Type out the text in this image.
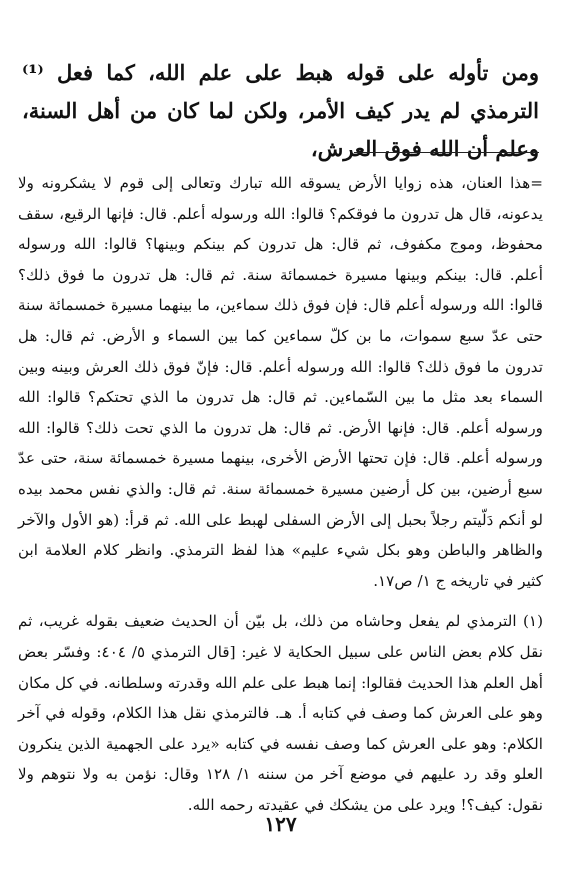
ومن تأوله على قوله هبط على علم الله، كما فعل ⁽¹⁾ الترمذي لم يدر كيف الأمر، ولكن لما كان من أهل السنة، وعلم أن الله فوق العرش،

=هذا العنان، هذه زوايا الأرض يسوقه الله تبارك وتعالى إلى قوم لا يشكرونه ولا يدعونه، قال هل تدرون ما فوقكم؟ قالوا: الله ورسوله أعلم. قال: فإنها الرقيع، سقف محفوظ، وموج مكفوف، ثم قال: هل تدرون كم بينكم وبينها؟ قالوا: الله ورسوله أعلم. قال: بينكم وبينها مسيرة خمسمائة سنة. ثم قال: هل تدرون ما فوق ذلك؟ قالوا: الله ورسوله أعلم قال: فإن فوق ذلك سماءين، ما بينهما مسيرة خمسمائة سنة حتى عدّ سبع سموات، ما بن كلّ سماءين كما بين السماء و الأرض. ثم قال: هل تدرون ما فوق ذلك؟ قالوا: الله ورسوله أعلم. قال: فإنّ فوق ذلك العرش وبينه وبين السماء بعد مثل ما بين السّماءين. ثم قال: هل تدرون ما الذي تحتكم؟ قالوا: الله ورسوله أعلم. قال: فإنها الأرض. ثم قال: هل تدرون ما الذي تحت ذلك؟ قالوا: الله ورسوله أعلم. قال: فإن تحتها الأرض الأخرى، بينهما مسيرة خمسمائة سنة، حتى عدّ سبع أرضين، بين كل أرضين مسيرة خمسمائة سنة. ثم قال: والذي نفس محمد بيده لو أنكم دَلّيتم رجلاً بحبل إلى الأرض السفلى لهبط على الله. ثم قرأ: (هو الأول والآخر والظاهر والباطن وهو بكل شيء عليم» هذا لفظ الترمذي. وانظر كلام العلامة ابن كثير في تاريخه ج ١/ ص١٧.

(١) الترمذي لم يفعل وحاشاه من ذلك، بل بيّن أن الحديث ضعيف بقوله غريب، ثم نقل كلام بعض الناس على سبيل الحكاية لا غير: [قال الترمذي ٥/ ٤٠٤: وفسّر بعض أهل العلم هذا الحديث فقالوا: إنما هبط على علم الله وقدرته وسلطانه. في كل مكان وهو على العرش كما وصف في كتابه أ. هـ. فالترمذي نقل هذا الكلام، وقوله في آخر الكلام: وهو على العرش كما وصف نفسه في كتابه «يرد على الجهمية الذين ينكرون العلو وقد رد عليهم في موضع آخر من سننه ١/ ١٢٨ وقال: نؤمن به ولا نتوهم ولا نقول: كيف؟! ويرد على من يشكك في عقيدته رحمه الله.

١٢٧
